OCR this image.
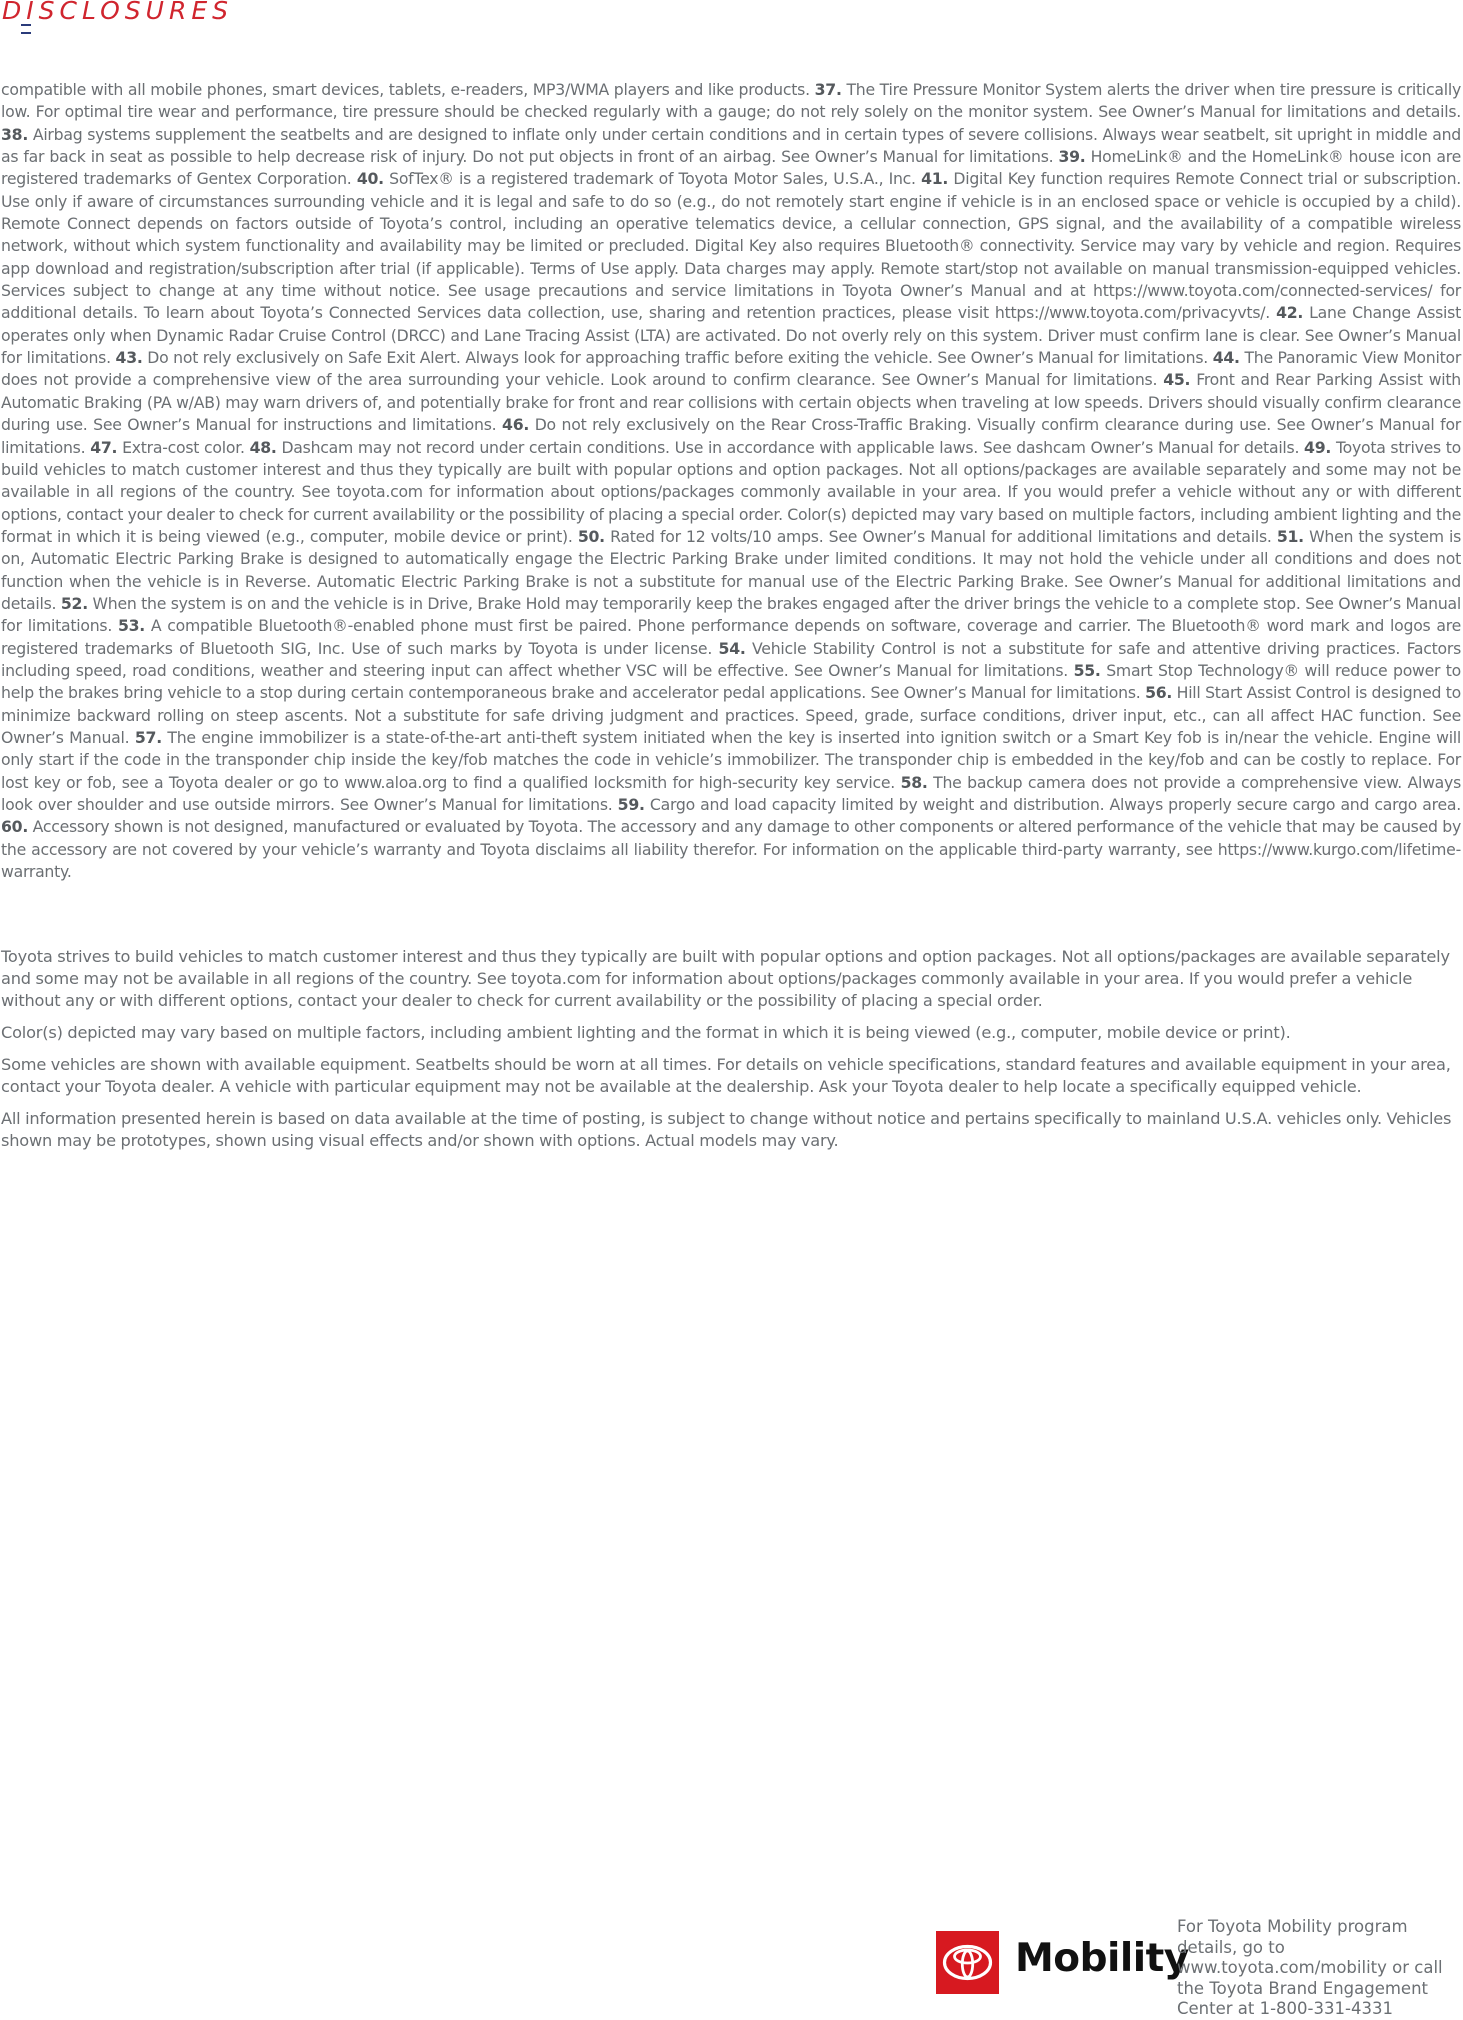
DISCLOSURES

compatible with all mobile phones, smart devices, tablets, e-readers, MP3/WMA players and like products. 37. The Tire Pressure Monitor System alerts the driver when tire pressure is critically low. For optimal tire wear and performance, tire pressure should be checked regularly with a gauge; do not rely solely on the monitor system. See Owner’s Manual for limitations and details. 38. Airbag systems supplement the seatbelts and are designed to inflate only under certain conditions and in certain types of severe collisions. Always wear seatbelt, sit upright in middle and as far back in seat as possible to help decrease risk of injury. Do not put objects in front of an airbag. See Owner’s Manual for limitations. 39. HomeLink® and the HomeLink® house icon are registered trademarks of Gentex Corporation. 40. SofTex® is a registered trademark of Toyota Motor Sales, U.S.A., Inc. 41. Digital Key function requires Remote Connect trial or subscription. Use only if aware of circumstances surrounding vehicle and it is legal and safe to do so (e.g., do not remotely start engine if vehicle is in an enclosed space or vehicle is occupied by a child). Remote Connect depends on factors outside of Toyota’s control, including an operative telematics device, a cellular connection, GPS signal, and the availability of a compatible wireless network, without which system functionality and availability may be limited or precluded. Digital Key also requires Bluetooth® connectivity. Service may vary by vehicle and region. Requires app download and registration/subscription after trial (if applicable). Terms of Use apply. Data charges may apply. Remote start/stop not available on manual transmission-equipped vehicles. Services subject to change at any time without notice. See usage precautions and service limitations in Toyota Owner’s Manual and at https://www.toyota.com/connected-services/ for additional details. To learn about Toyota’s Connected Services data collection, use, sharing and retention practices, please visit https://www.toyota.com/privacyvts/. 42. Lane Change Assist operates only when Dynamic Radar Cruise Control (DRCC) and Lane Tracing Assist (LTA) are activated. Do not overly rely on this system. Driver must confirm lane is clear. See Owner’s Manual for limitations. 43. Do not rely exclusively on Safe Exit Alert. Always look for approaching traffic before exiting the vehicle. See Owner’s Manual for limitations. 44. The Panoramic View Monitor does not provide a comprehensive view of the area surrounding your vehicle. Look around to confirm clearance. See Owner’s Manual for limitations. 45. Front and Rear Parking Assist with Automatic Braking (PA w/AB) may warn drivers of, and potentially brake for front and rear collisions with certain objects when traveling at low speeds. Drivers should visually confirm clearance during use. See Owner’s Manual for instructions and limitations. 46. Do not rely exclusively on the Rear Cross-Traffic Braking. Visually confirm clearance during use. See Owner’s Manual for limitations. 47. Extra-cost color. 48. Dashcam may not record under certain conditions. Use in accordance with applicable laws. See dashcam Owner’s Manual for details. 49. Toyota strives to build vehicles to match customer interest and thus they typically are built with popular options and option packages. Not all options/packages are available separately and some may not be available in all regions of the country. See toyota.com for information about options/packages commonly available in your area. If you would prefer a vehicle without any or with different options, contact your dealer to check for current availability or the possibility of placing a special order. Color(s) depicted may vary based on multiple factors, including ambient lighting and the format in which it is being viewed (e.g., computer, mobile device or print). 50. Rated for 12 volts/10 amps. See Owner’s Manual for additional limitations and details. 51. When the system is on, Automatic Electric Parking Brake is designed to automatically engage the Electric Parking Brake under limited conditions. It may not hold the vehicle under all conditions and does not function when the vehicle is in Reverse. Automatic Electric Parking Brake is not a substitute for manual use of the Electric Parking Brake. See Owner’s Manual for additional limitations and details. 52. When the system is on and the vehicle is in Drive, Brake Hold may temporarily keep the brakes engaged after the driver brings the vehicle to a complete stop. See Owner’s Manual for limitations. 53. A compatible Bluetooth®-enabled phone must first be paired. Phone performance depends on software, coverage and carrier. The Bluetooth® word mark and logos are registered trademarks of Bluetooth SIG, Inc. Use of such marks by Toyota is under license. 54. Vehicle Stability Control is not a substitute for safe and attentive driving practices. Factors including speed, road conditions, weather and steering input can affect whether VSC will be effective. See Owner’s Manual for limitations. 55. Smart Stop Technology® will reduce power to help the brakes bring vehicle to a stop during certain contemporaneous brake and accelerator pedal applications. See Owner’s Manual for limitations. 56. Hill Start Assist Control is designed to minimize backward rolling on steep ascents. Not a substitute for safe driving judgment and practices. Speed, grade, surface conditions, driver input, etc., can all affect HAC function. See Owner’s Manual. 57. The engine immobilizer is a state-of-the-art anti-theft system initiated when the key is inserted into ignition switch or a Smart Key fob is in/near the vehicle. Engine will only start if the code in the transponder chip inside the key/fob matches the code in vehicle’s immobilizer. The transponder chip is embedded in the key/fob and can be costly to replace. For lost key or fob, see a Toyota dealer or go to www.aloa.org to find a qualified locksmith for high-security key service. 58. The backup camera does not provide a comprehensive view. Always look over shoulder and use outside mirrors. See Owner’s Manual for limitations. 59. Cargo and load capacity limited by weight and distribution. Always properly secure cargo and cargo area. 60. Accessory shown is not designed, manufactured or evaluated by Toyota. The accessory and any damage to other components or altered performance of the vehicle that may be caused by the accessory are not covered by your vehicle’s warranty and Toyota disclaims all liability therefor. For information on the applicable third-party warranty, see https://www.kurgo.com/lifetime-warranty.

Toyota strives to build vehicles to match customer interest and thus they typically are built with popular options and option packages. Not all options/packages are available separately and some may not be available in all regions of the country. See toyota.com for information about options/packages commonly available in your area. If you would prefer a vehicle without any or with different options, contact your dealer to check for current availability or the possibility of placing a special order.

Color(s) depicted may vary based on multiple factors, including ambient lighting and the format in which it is being viewed (e.g., computer, mobile device or print).

Some vehicles are shown with available equipment. Seatbelts should be worn at all times. For details on vehicle specifications, standard features and available equipment in your area, contact your Toyota dealer. A vehicle with particular equipment may not be available at the dealership. Ask your Toyota dealer to help locate a specifically equipped vehicle.

All information presented herein is based on data available at the time of posting, is subject to change without notice and pertains specifically to mainland U.S.A. vehicles only. Vehicles shown may be prototypes, shown using visual effects and/or shown with options. Actual models may vary.

Mobility
For Toyota Mobility program details, go to www.toyota.com/mobility or call the Toyota Brand Engagement Center at 1-800-331-4331
